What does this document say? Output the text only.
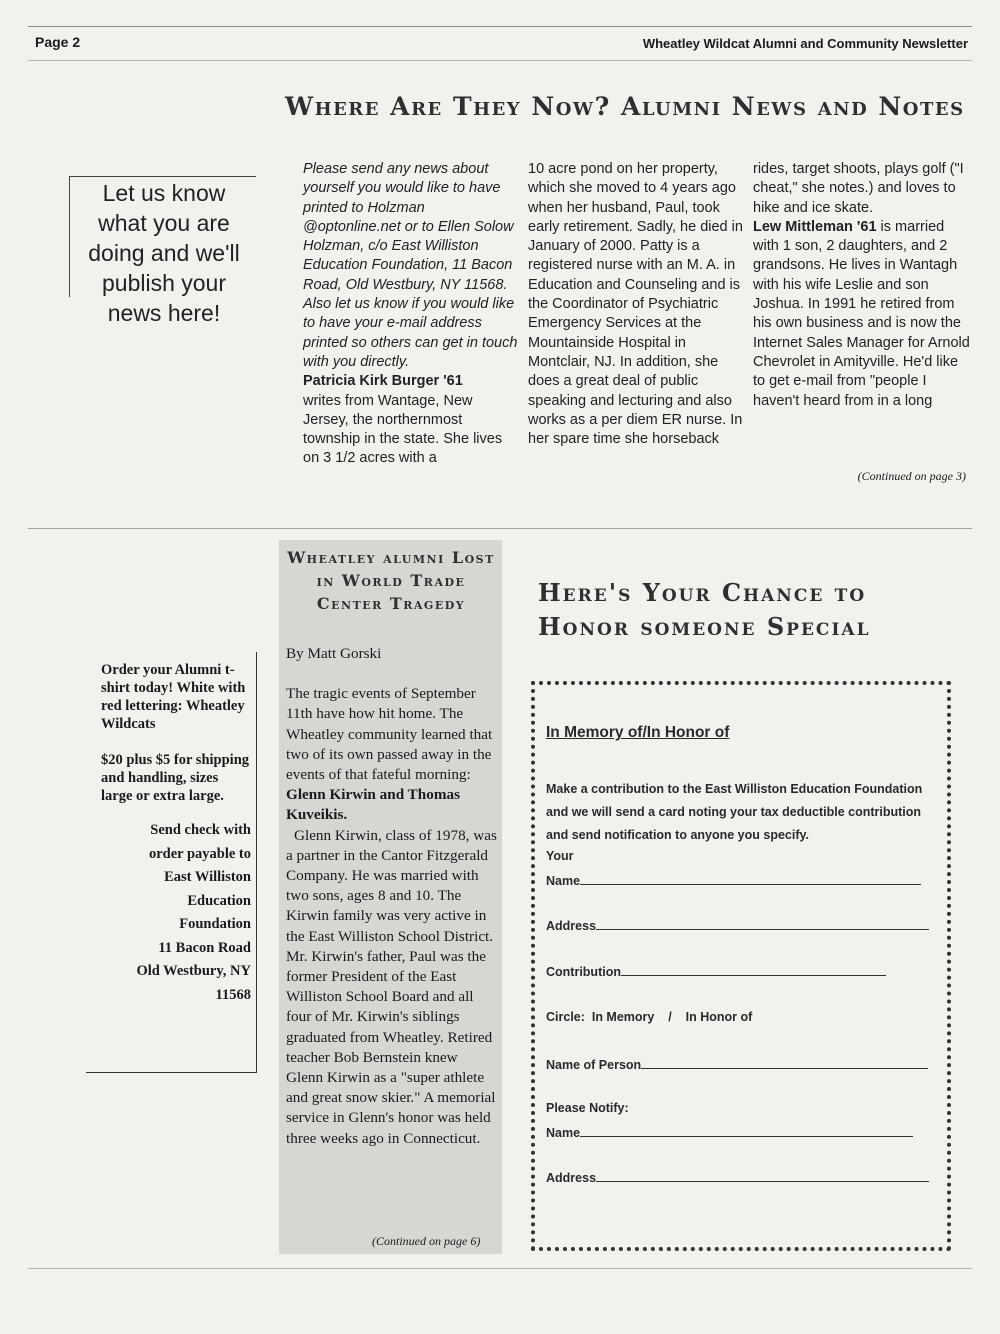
Page 2	Wheatley Wildcat Alumni and Community Newsletter
Where Are They Now? Alumni News and Notes
Let us know what you are doing and we'll publish your news here!

Please send any news about yourself you would like to have printed to Holzman @optonline.net or to Ellen Solow Holzman, c/o East Williston Education Foundation, 11 Bacon Road, Old Westbury, NY 11568. Also let us know if you would like to have your e-mail address printed so others can get in touch with you directly.

Patricia Kirk Burger '61
writes from Wantage, New Jersey, the northernmost township in the state. She lives on 3 1/2 acres with a

10 acre pond on her property, which she moved to 4 years ago when her husband, Paul, took early retirement. Sadly, he died in January of 2000. Patty is a registered nurse with an M. A. in Education and Counseling and is the Coordinator of Psychiatric Emergency Services at the Mountainside Hospital in Montclair, NJ. In addition, she does a great deal of public speaking and lecturing and also works as a per diem ER nurse. In her spare time she horseback

rides, target shoots, plays golf ("I cheat," she notes.) and loves to hike and ice skate.

Lew Mittleman '61 is married with 1 son, 2 daughters, and 2 grandsons. He lives in Wantagh with his wife Leslie and son Joshua. In 1991 he retired from his own business and is now the Internet Sales Manager for Arnold Chevrolet in Amityville. He'd like to get e-mail from "people I haven't heard from in a long

(Continued on page 3)

Order your Alumni t-shirt today! White with red lettering: Wheatley Wildcats

$20 plus $5 for shipping and handling, sizes large or extra large.

Send check with
order payable to
East Williston
Education
Foundation
11 Bacon Road
Old Westbury, NY
11568
Wheatley alumni Lost in World Trade Center Tragedy

By Matt Gorski

The tragic events of September 11th have how hit home. The Wheatley community learned that two of its own passed away in the events of that fateful morning: Glenn Kirwin and Thomas Kuveikis.

Glenn Kirwin, class of 1978, was a partner in the Cantor Fitzgerald Company. He was married with two sons, ages 8 and 10. The Kirwin family was very active in the East Williston School District. Mr. Kirwin's father, Paul was the former President of the East Williston School Board and all four of Mr. Kirwin's siblings graduated from Wheatley. Retired teacher Bob Bernstein knew Glenn Kirwin as a "super athlete and great snow skier." A memorial service in Glenn's honor was held three weeks ago in Connecticut.

(Continued on page 6)
Here's Your Chance to
Honor someone Special
In Memory of/In Honor of
Make a contribution to the East Williston Education Foundation and we will send a card noting your tax deductible contribution and send notification to anyone you specify.
Your
Name
Address
Contribution
Circle:  In Memory    /    In Honor of
Name of Person
Please Notify:
Name
Address
